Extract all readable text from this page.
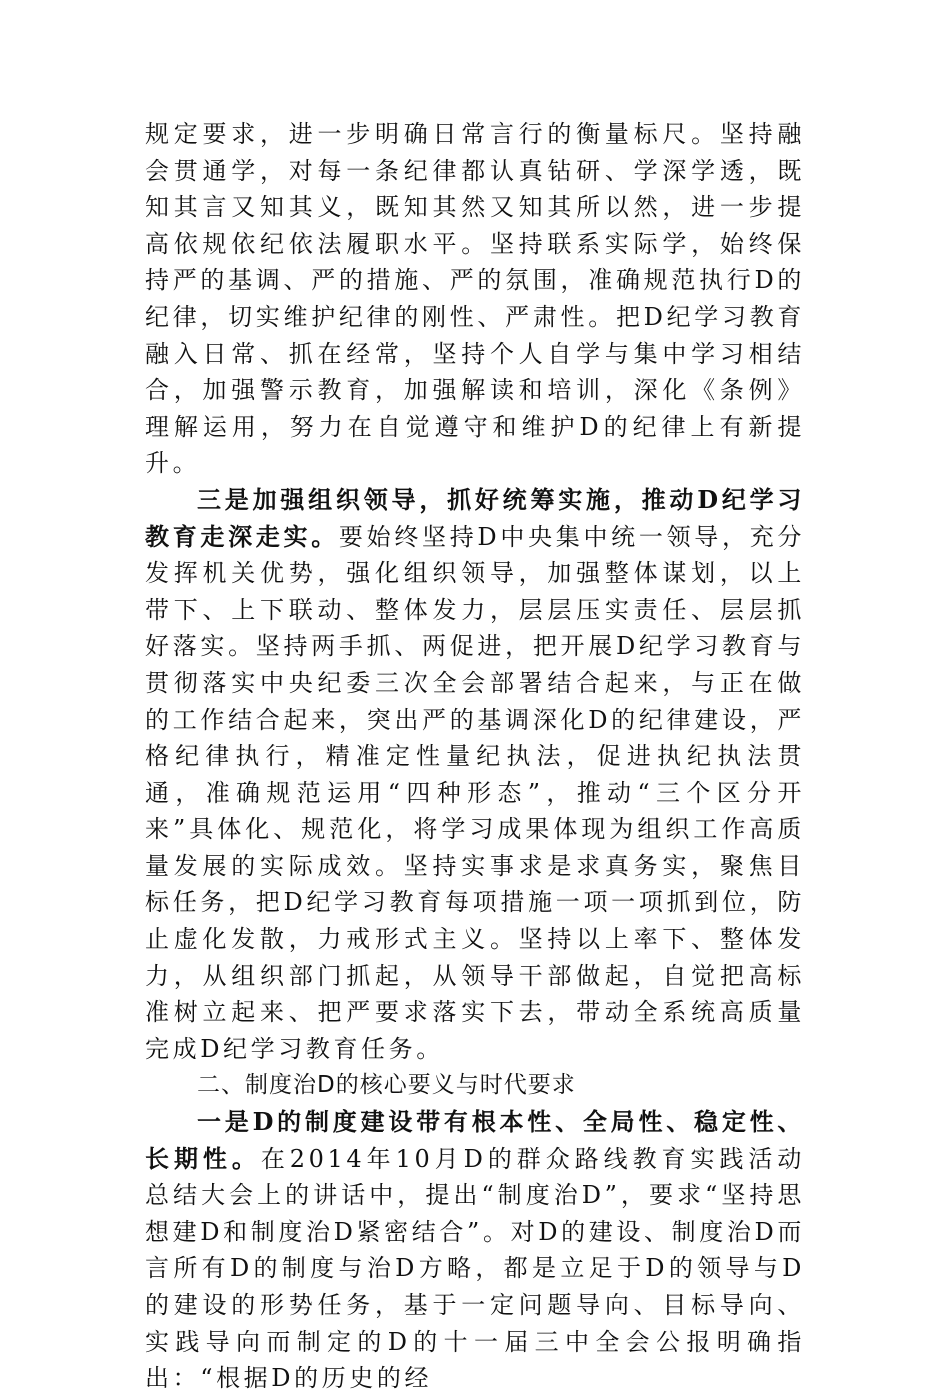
规定要求，进一步明确日常言行的衡量标尺。坚持融会贯通学，对每一条纪律都认真钻研、学深学透，既知其言又知其义，既知其然又知其所以然，进一步提高依规依纪依法履职水平。坚持联系实际学，始终保持严的基调、严的措施、严的氛围，准确规范执行D的纪律，切实维护纪律的刚性、严肃性。把D纪学习教育融入日常、抓在经常，坚持个人自学与集中学习相结合，加强警示教育，加强解读和培训，深化《条例》理解运用，努力在自觉遵守和维护D的纪律上有新提升。

三是加强组织领导，抓好统筹实施，推动D纪学习教育走深走实。要始终坚持D中央集中统一领导，充分发挥机关优势，强化组织领导，加强整体谋划，以上带下、上下联动、整体发力，层层压实责任、层层抓好落实。坚持两手抓、两促进，把开展D纪学习教育与贯彻落实中央纪委三次全会部署结合起来，与正在做的工作结合起来，突出严的基调深化D的纪律建设，严格纪律执行，精准定性量纪执法，促进执纪执法贯通，准确规范运用“四种形态”，推动“三个区分开来”具体化、规范化，将学习成果体现为组织工作高质量发展的实际成效。坚持实事求是求真务实，聚焦目标任务，把D纪学习教育每项措施一项一项抓到位，防止虚化发散，力戒形式主义。坚持以上率下、整体发力，从组织部门抓起，从领导干部做起，自觉把高标准树立起来、把严要求落实下去，带动全系统高质量完成D纪学习教育任务。

二、制度治D的核心要义与时代要求

一是D的制度建设带有根本性、全局性、稳定性、长期性。在2014年10月D的群众路线教育实践活动总结大会上的讲话中，提出“制度治D”，要求“坚持思想建D和制度治D紧密结合”。对D的建设、制度治D而言所有D的制度与治D方略，都是立足于D的领导与D的建设的形势任务，基于一定问题导向、目标导向、实践导向而制定的D的十一届三中全会公报明确指出：“根据D的历史的经
